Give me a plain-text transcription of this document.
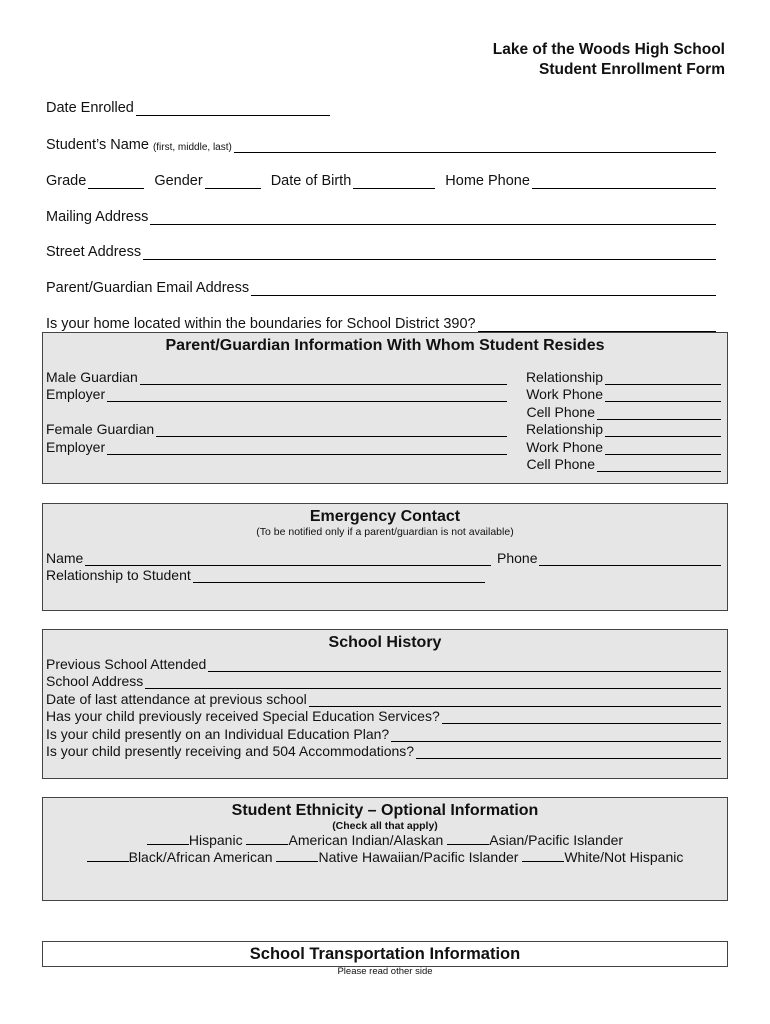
Lake of the Woods High School
Student Enrollment Form
Date Enrolled
Student’s Name
(first, middle, last)
Grade	Gender	Date of Birth	Home Phone
Mailing Address
Street Address
Parent/Guardian Email Address
Is your home located within the boundaries for School District 390?
Parent/Guardian Information With Whom Student Resides
Male Guardian	Relationship
Employer	Work Phone
Cell Phone
Female Guardian	Relationship
Employer	Work Phone
Cell Phone
Emergency Contact
(To be notified only if a parent/guardian is not available)
Name	Phone
Relationship to Student
School History
Previous School Attended
School Address
Date of last attendance at previous school
Has your child previously received Special Education Services?
Is your child presently on an Individual Education Plan?
Is your child presently receiving and 504 Accommodations?
Student Ethnicity – Optional Information
(Check all that apply)
Hispanic	American Indian/Alaskan	Asian/Pacific Islander
Black/African American	Native Hawaiian/Pacific Islander	White/Not Hispanic
School Transportation Information
Please read other side
